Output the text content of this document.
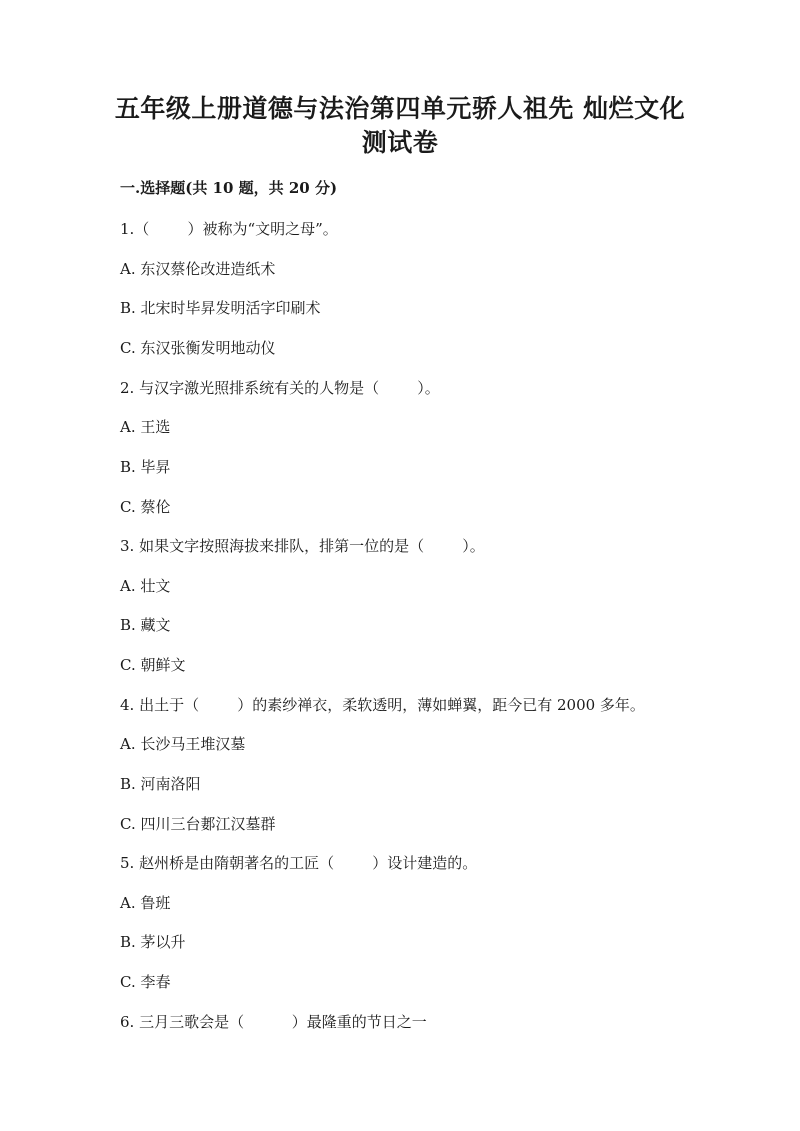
五年级上册道德与法治第四单元骄人祖先 灿烂文化
测试卷
一.选择题(共 10 题，共 20 分)
1.（        ）被称为“文明之母”。
A. 东汉蔡伦改进造纸术
B. 北宋时毕昇发明活字印刷术
C. 东汉张衡发明地动仪
2. 与汉字激光照排系统有关的人物是（        ）。
A. 王选
B. 毕昇
C. 蔡伦
3. 如果文字按照海拔来排队，排第一位的是（        ）。
A. 壮文
B. 藏文
C. 朝鲜文
4. 出土于（        ）的素纱禅衣，柔软透明，薄如蝉翼，距今已有 2000 多年。
A. 长沙马王堆汉墓
B. 河南洛阳
C. 四川三台郪江汉墓群
5. 赵州桥是由隋朝著名的工匠（        ）设计建造的。
A. 鲁班
B. 茅以升
C. 李春
6. 三月三歌会是（          ）最隆重的节日之一
